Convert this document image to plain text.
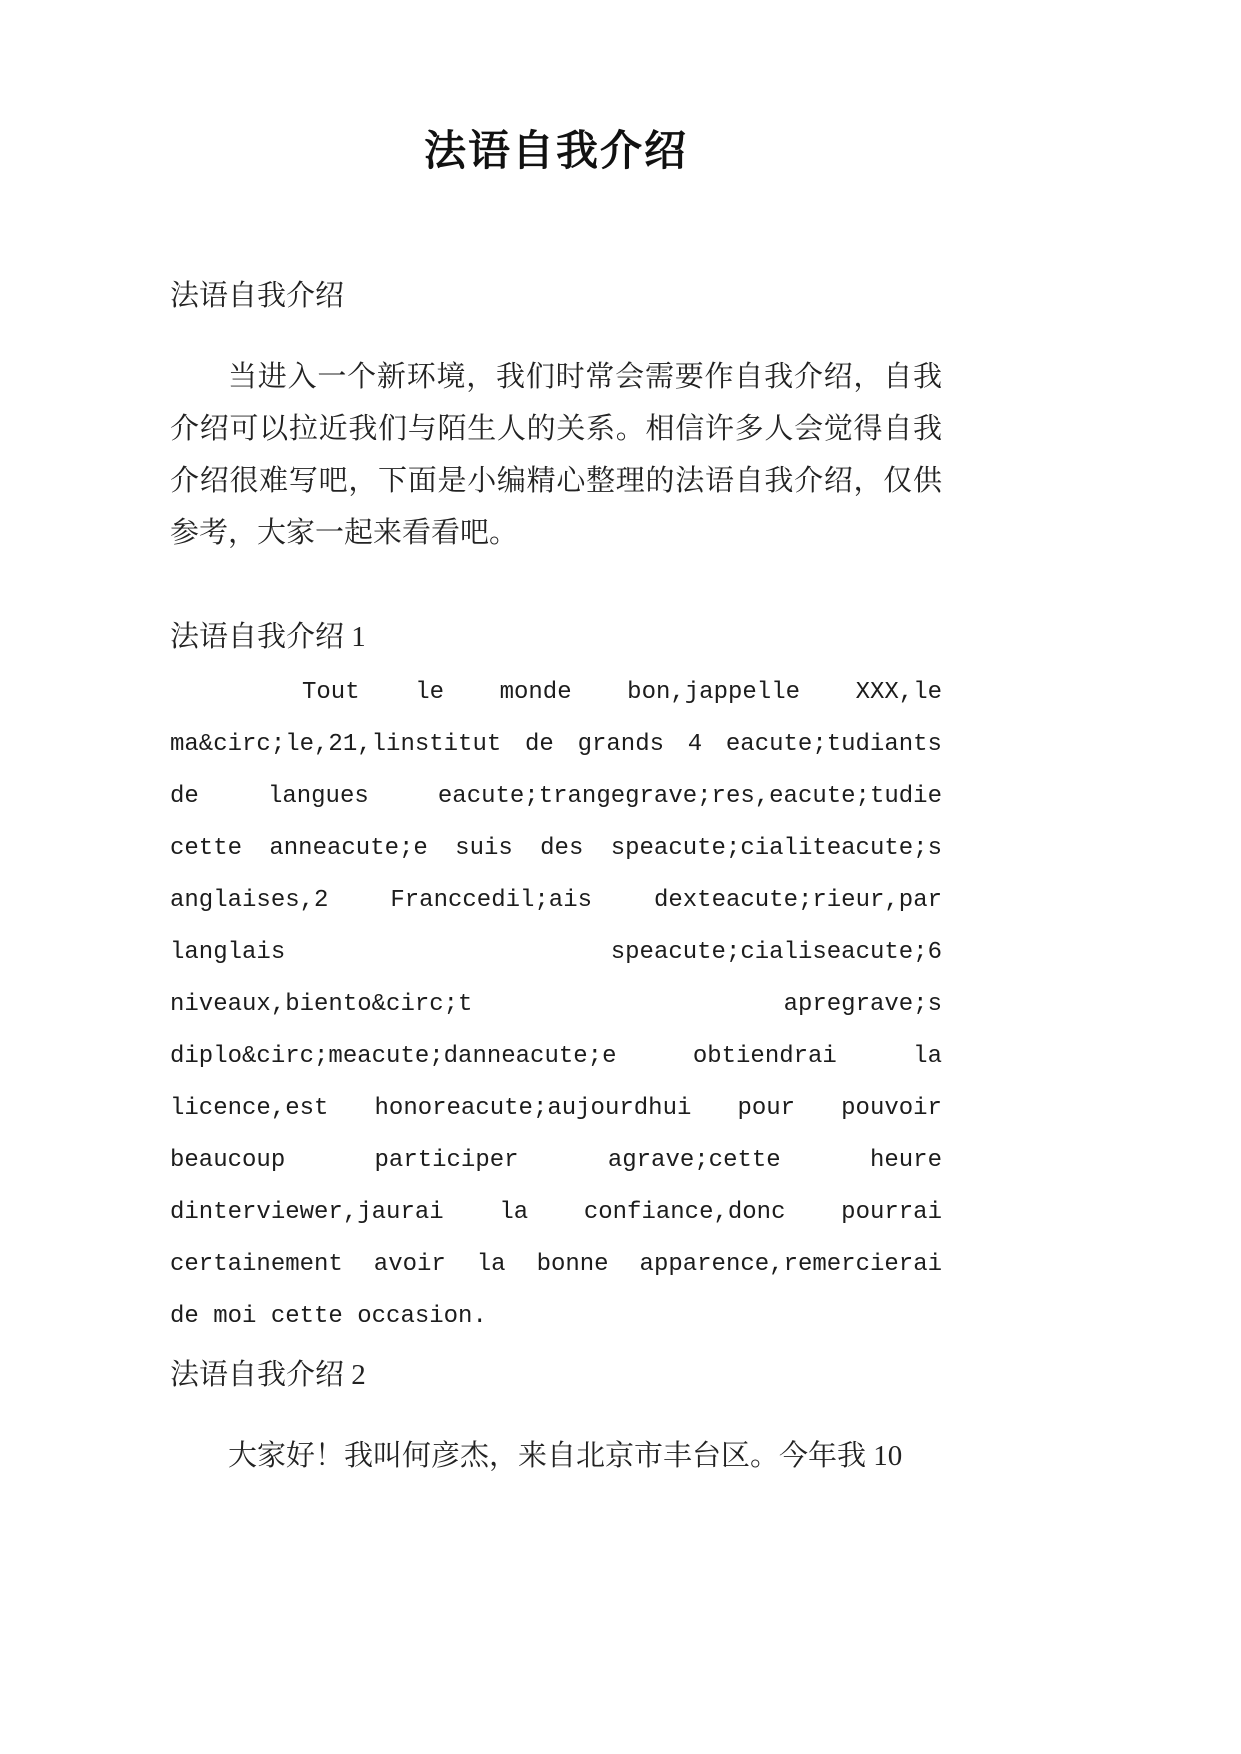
法语自我介绍
法语自我介绍

当进入一个新环境，我们时常会需要作自我介绍，自我介绍可以拉近我们与陌生人的关系。相信许多人会觉得自我介绍很难写吧，下面是小编精心整理的法语自我介绍，仅供参考，大家一起来看看吧。

法语自我介绍 1
Tout le monde bon,jappelle XXX,le
ma&circ;le,21,linstitut de grands 4 eacute;tudiants
de	langues	eacute;trangegrave;res,eacute;tudie
cette anneacute;e suis des speacute;cialiteacute;s
anglaises,2	Franccedil;ais	dexteacute;rieur,par
langlais	speacute;cialiseacute;6
niveaux,biento&circ;t	apregrave;s
diplo&circ;meacute;danneacute;e	obtiendrai	la
licence,est honoreacute;aujourdhui pour pouvoir
beaucoup	participer	agrave;cette	heure
dinterviewer,jaurai la confiance,donc pourrai
certainement avoir la bonne apparence,remercierai
de moi cette occasion.
法语自我介绍 2

大家好！我叫何彦杰，来自北京市丰台区。今年我 10
